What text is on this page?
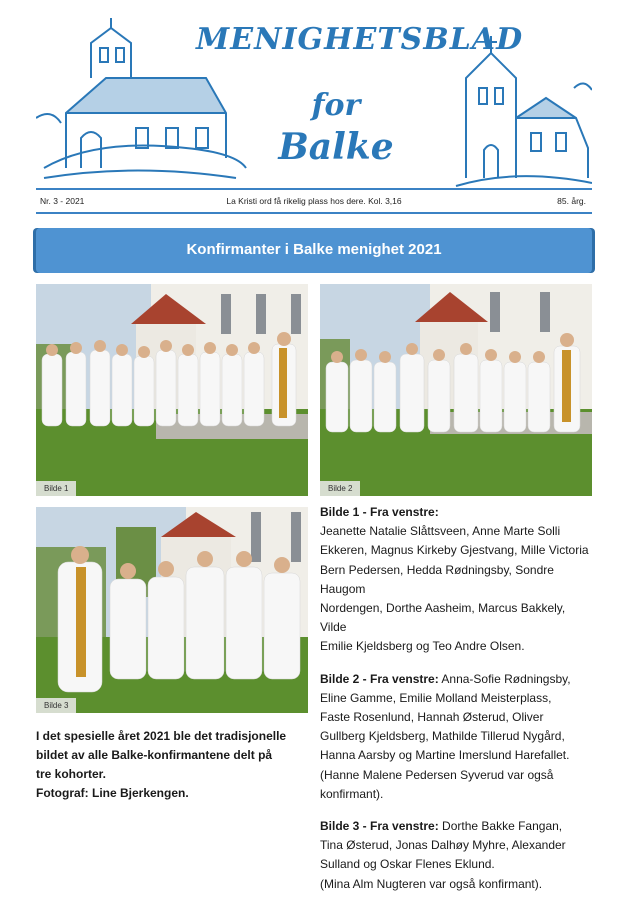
MENIGHETSBLAD
for
Balke
Nr. 3 - 2021	La Kristi ord få rikelig plass hos dere. Kol. 3,16	85. årg.
Konfirmanter i Balke menighet 2021
Bilde 1	Bilde 2
Bilde 3
I det spesielle året 2021 ble det tradisjonelle
bildet av alle Balke-konfirmantene delt på
tre kohorter.
Fotograf: Line Bjerkengen.

Bilde 1 - Fra venstre:
Jeanette Natalie Slåttsveen, Anne Marte Solli
Ekkeren, Magnus Kirkeby Gjestvang, Mille Victoria
Bern Pedersen, Hedda Rødningsby, Sondre Haugom
Nordengen, Dorthe Aasheim, Marcus Bakkely, Vilde
Emilie Kjeldsberg og Teo Andre Olsen.

Bilde 2 - Fra venstre: Anna-Sofie Rødningsby,
Eline Gamme, Emilie Molland Meisterplass,
Faste Rosenlund, Hannah Østerud, Oliver
Gullberg Kjeldsberg, Mathilde Tillerud Nygård,
Hanna Aarsby og Martine Imerslund Harefallet.
(Hanne Malene Pedersen Syverud var også
konfirmant).

Bilde 3 - Fra venstre: Dorthe Bakke Fangan,
Tina Østerud, Jonas Dalhøy Myhre, Alexander
Sulland og Oskar Flenes Eklund.
(Mina Alm Nugteren var også konfirmant).
